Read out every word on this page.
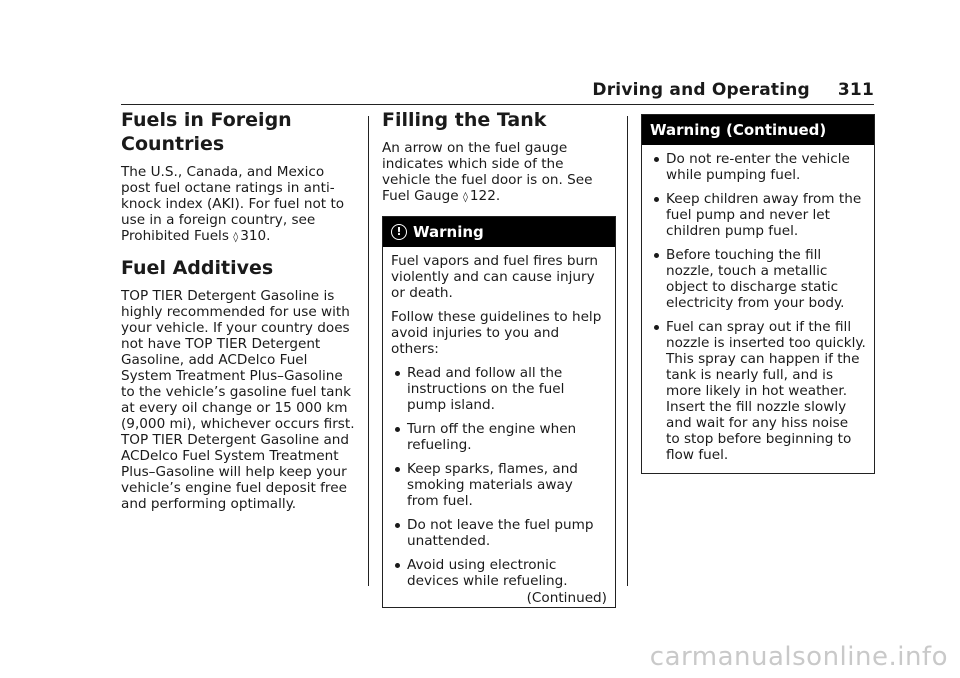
Driving and Operating 311
Fuels in Foreign Countries

The U.S., Canada, and Mexico post fuel octane ratings in anti-knock index (AKI). For fuel not to use in a foreign country, see Prohibited Fuels ◊ 310.

Fuel Additives

TOP TIER Detergent Gasoline is highly recommended for use with your vehicle. If your country does not have TOP TIER Detergent Gasoline, add ACDelco Fuel System Treatment Plus–Gasoline to the vehicle’s gasoline fuel tank at every oil change or 15 000 km (9,000 mi), whichever occurs first. TOP TIER Detergent Gasoline and ACDelco Fuel System Treatment Plus–Gasoline will help keep your vehicle’s engine fuel deposit free and performing optimally.

Filling the Tank

An arrow on the fuel gauge indicates which side of the vehicle the fuel door is on. See Fuel Gauge ◊ 122.

! Warning

Fuel vapors and fuel fires burn violently and can cause injury or death.

Follow these guidelines to help avoid injuries to you and others:

Read and follow all the instructions on the fuel pump island.
Turn off the engine when refueling.
Keep sparks, flames, and smoking materials away from fuel.
Do not leave the fuel pump unattended.
Avoid using electronic devices while refueling.
(Continued)
Warning (Continued)
Do not re-enter the vehicle while pumping fuel.
Keep children away from the fuel pump and never let children pump fuel.
Before touching the fill nozzle, touch a metallic object to discharge static electricity from your body.
Fuel can spray out if the fill nozzle is inserted too quickly. This spray can happen if the tank is nearly full, and is more likely in hot weather. Insert the fill nozzle slowly and wait for any hiss noise to stop before beginning to flow fuel.
carmanualsonline.info
